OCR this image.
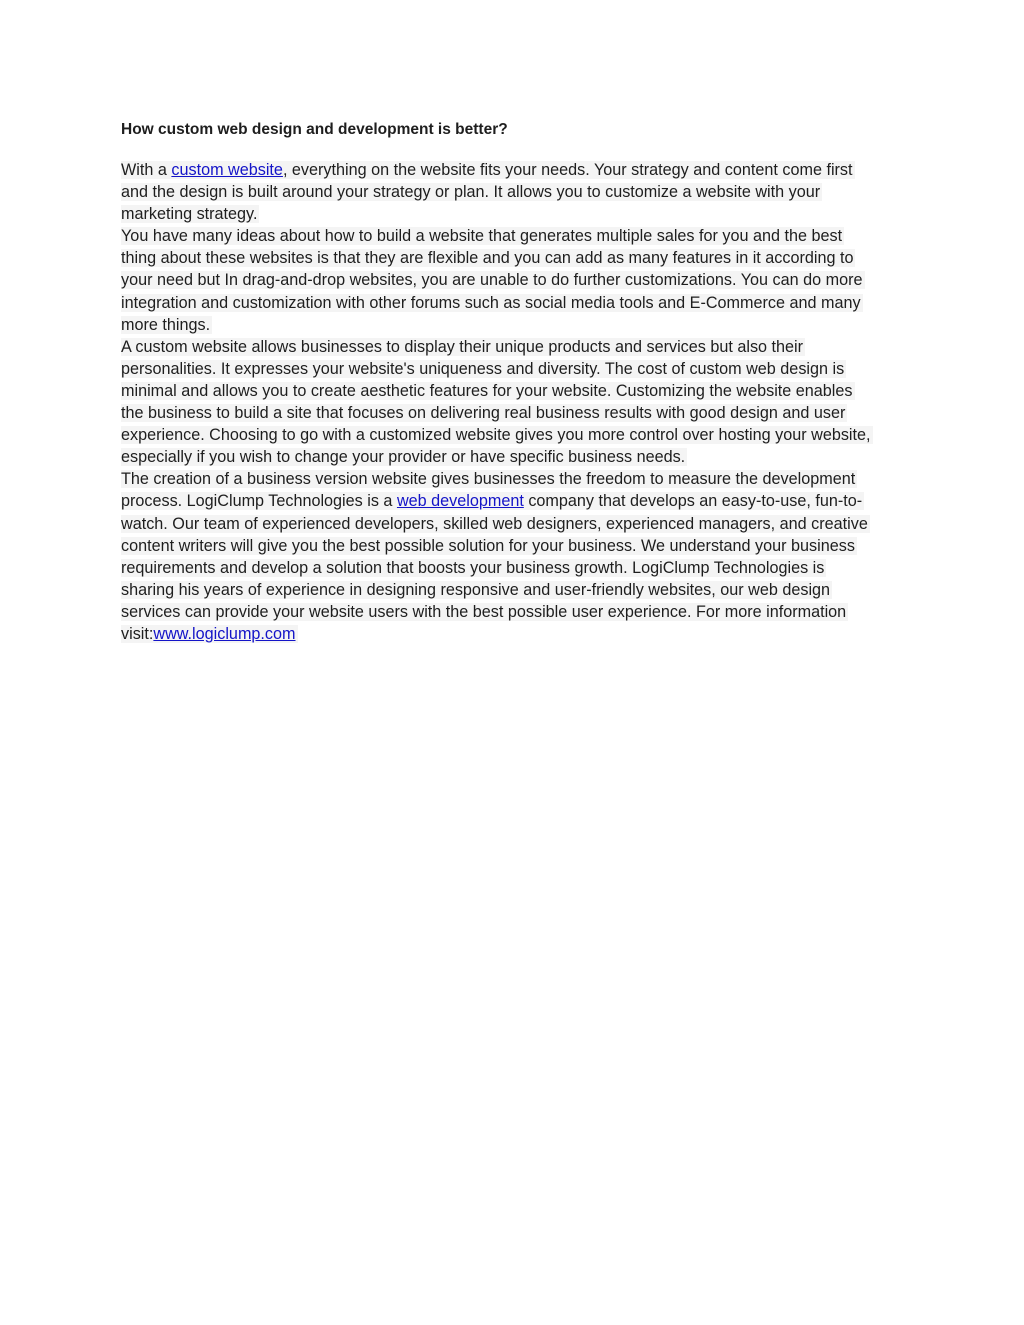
How custom web design and development is better?
With a custom website, everything on the website fits your needs. Your strategy and content come first
and the design is built around your strategy or plan. It allows you to customize a website with your
marketing strategy.
You have many ideas about how to build a website that generates multiple sales for you and the best
thing about these websites is that they are flexible and you can add as many features in it according to
your need but In drag-and-drop websites, you are unable to do further customizations. You can do more
integration and customization with other forums such as social media tools and E-Commerce and many
more things.
A custom website allows businesses to display their unique products and services but also their
personalities. It expresses your website's uniqueness and diversity. The cost of custom web design is
minimal and allows you to create aesthetic features for your website. Customizing the website enables
the business to build a site that focuses on delivering real business results with good design and user
experience. Choosing to go with a customized website gives you more control over hosting your website,
especially if you wish to change your provider or have specific business needs.
The creation of a business version website gives businesses the freedom to measure the development
process. LogiClump Technologies is a web development company that develops an easy-to-use, fun-to-
watch. Our team of experienced developers, skilled web designers, experienced managers, and creative
content writers will give you the best possible solution for your business. We understand your business
requirements and develop a solution that boosts your business growth. LogiClump Technologies is
sharing his years of experience in designing responsive and user-friendly websites, our web design
services can provide your website users with the best possible user experience. For more information
visit:www.logiclump.com
